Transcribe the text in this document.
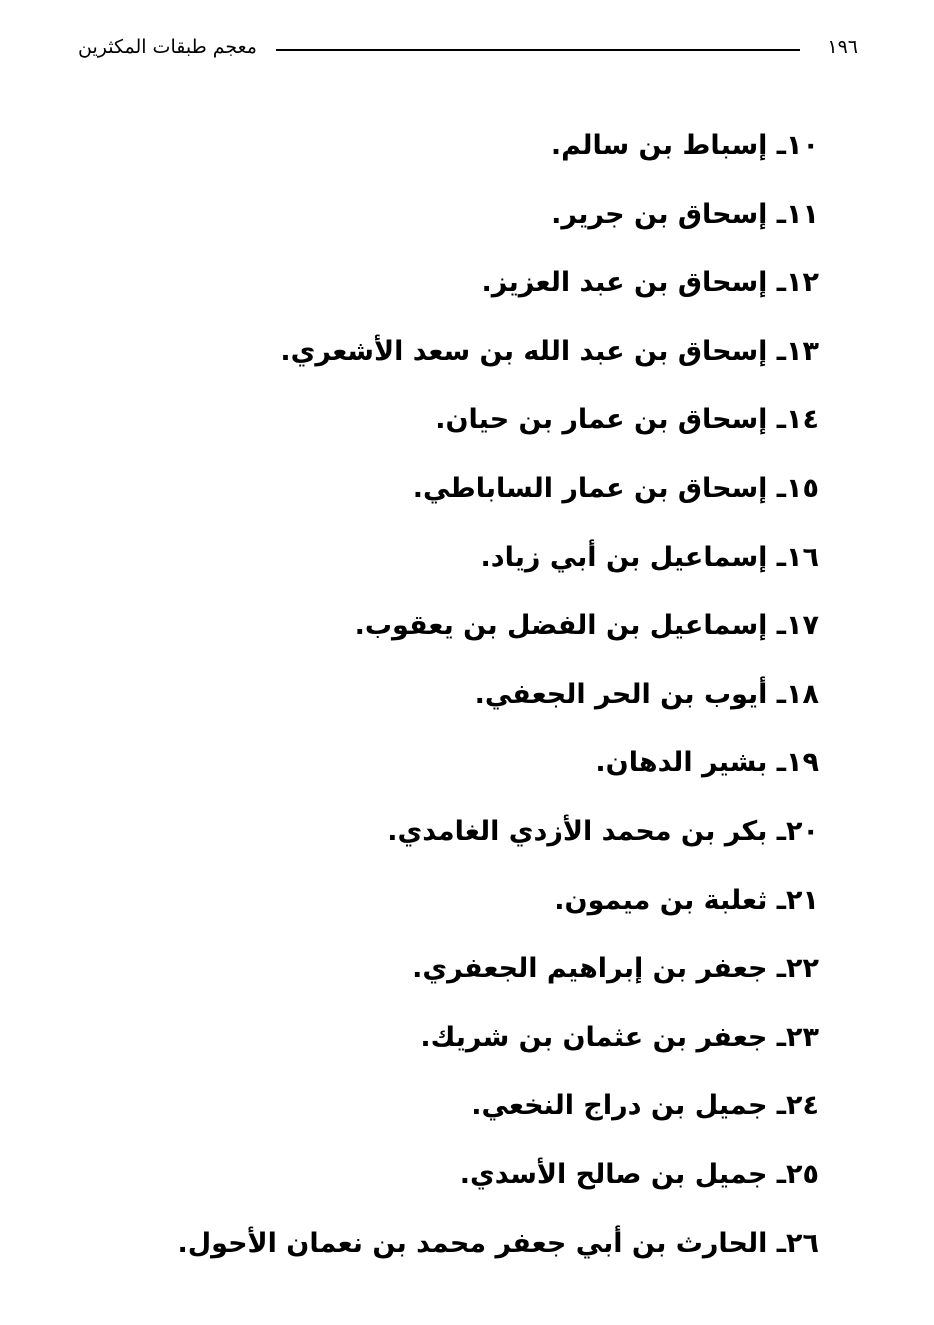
معجم طبقات المكثرين	١٩٦
١٠ـ إسباط بن سالم.
١١ـ إسحاق بن جرير.
١٢ـ إسحاق بن عبد العزيز.
١٣ـ إسحاق بن عبد الله بن سعد الأشعري.
١٤ـ إسحاق بن عمار بن حيان.
١٥ـ إسحاق بن عمار الساباطي.
١٦ـ إسماعيل بن أبي زياد.
١٧ـ إسماعيل بن الفضل بن يعقوب.
١٨ـ أيوب بن الحر الجعفي.
١٩ـ بشير الدهان.
٢٠ـ بكر بن محمد الأزدي الغامدي.
٢١ـ ثعلبة بن ميمون.
٢٢ـ جعفر بن إبراهيم الجعفري.
٢٣ـ جعفر بن عثمان بن شريك.
٢٤ـ جميل بن دراج النخعي.
٢٥ـ جميل بن صالح الأسدي.
٢٦ـ الحارث بن أبي جعفر محمد بن نعمان الأحول.
